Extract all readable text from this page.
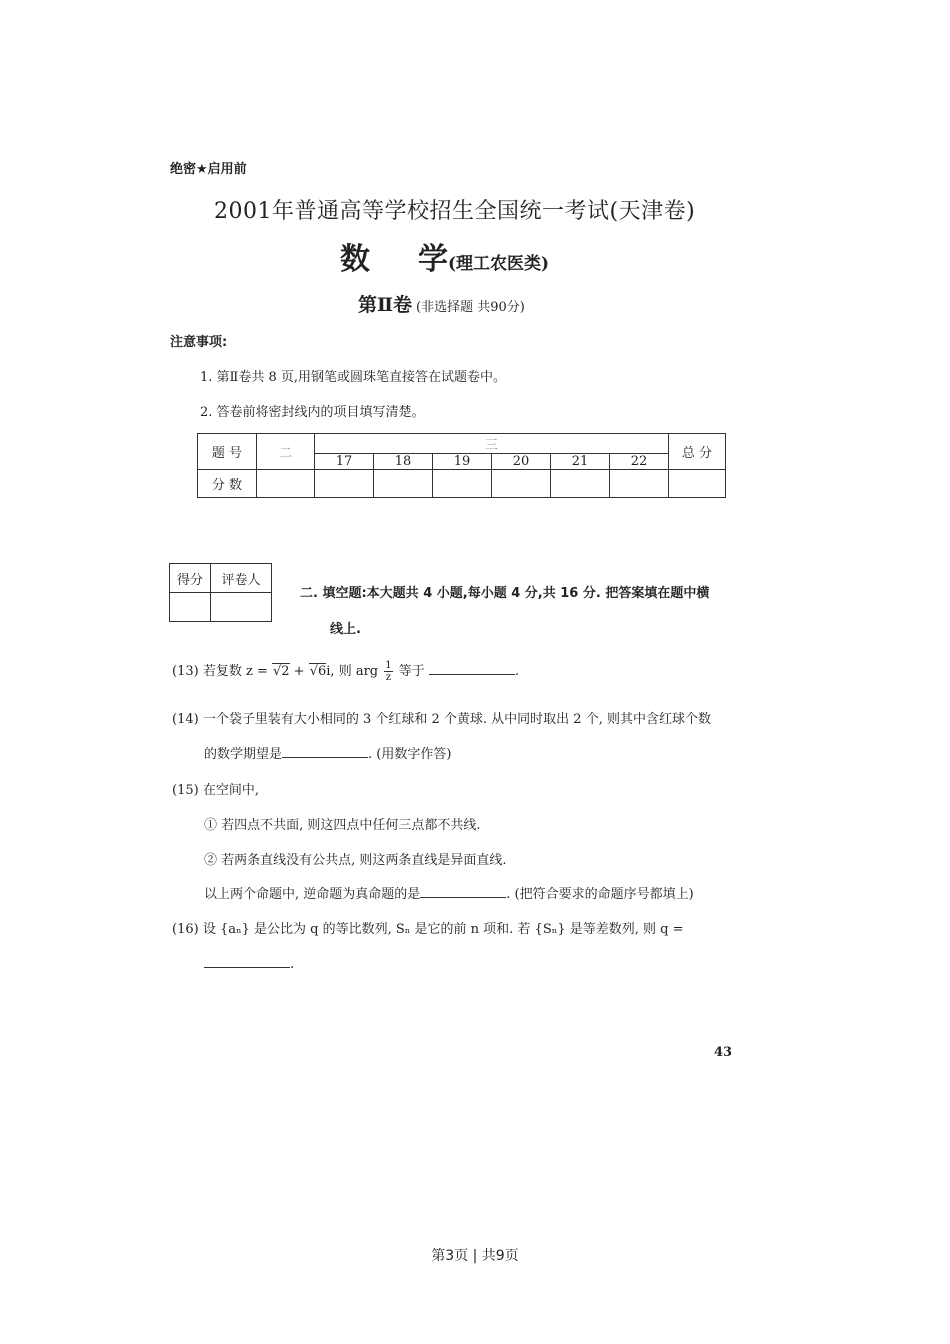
绝密★启用前
2001年普通高等学校招生全国统一考试(天津卷)
数 学(理工农医类)
第Ⅱ卷 (非选择题 共90分)
注意事项:
1. 第Ⅱ卷共 8 页,用钢笔或圆珠笔直接答在试题卷中。
2. 答卷前将密封线内的项目填写清楚。
题 号	二	三						总 分
		17	18	19	20	21	22	
分 数								
得分	评卷人

二. 填空题:本大题共 4 小题,每小题 4 分,共 16 分. 把答案填在题中横
线上.
(13) 若复数 z = √2 + √6i, 则 arg $\frac{1}{z}$ 等于	.
(14) 一个袋子里装有大小相同的 3 个红球和 2 个黄球. 从中同时取出 2 个, 则其中含红球个数
的数学期望是	. (用数字作答)
(15) 在空间中,
① 若四点不共面, 则这四点中任何三点都不共线.
② 若两条直线没有公共点, 则这两条直线是异面直线.
以上两个命题中, 逆命题为真命题的是	. (把符合要求的命题序号都填上)
(16) 设 {aₙ} 是公比为 q 的等比数列, Sₙ 是它的前 n 项和. 若 {Sₙ} 是等差数列, 则 q =
.
43
第3页 | 共9页
